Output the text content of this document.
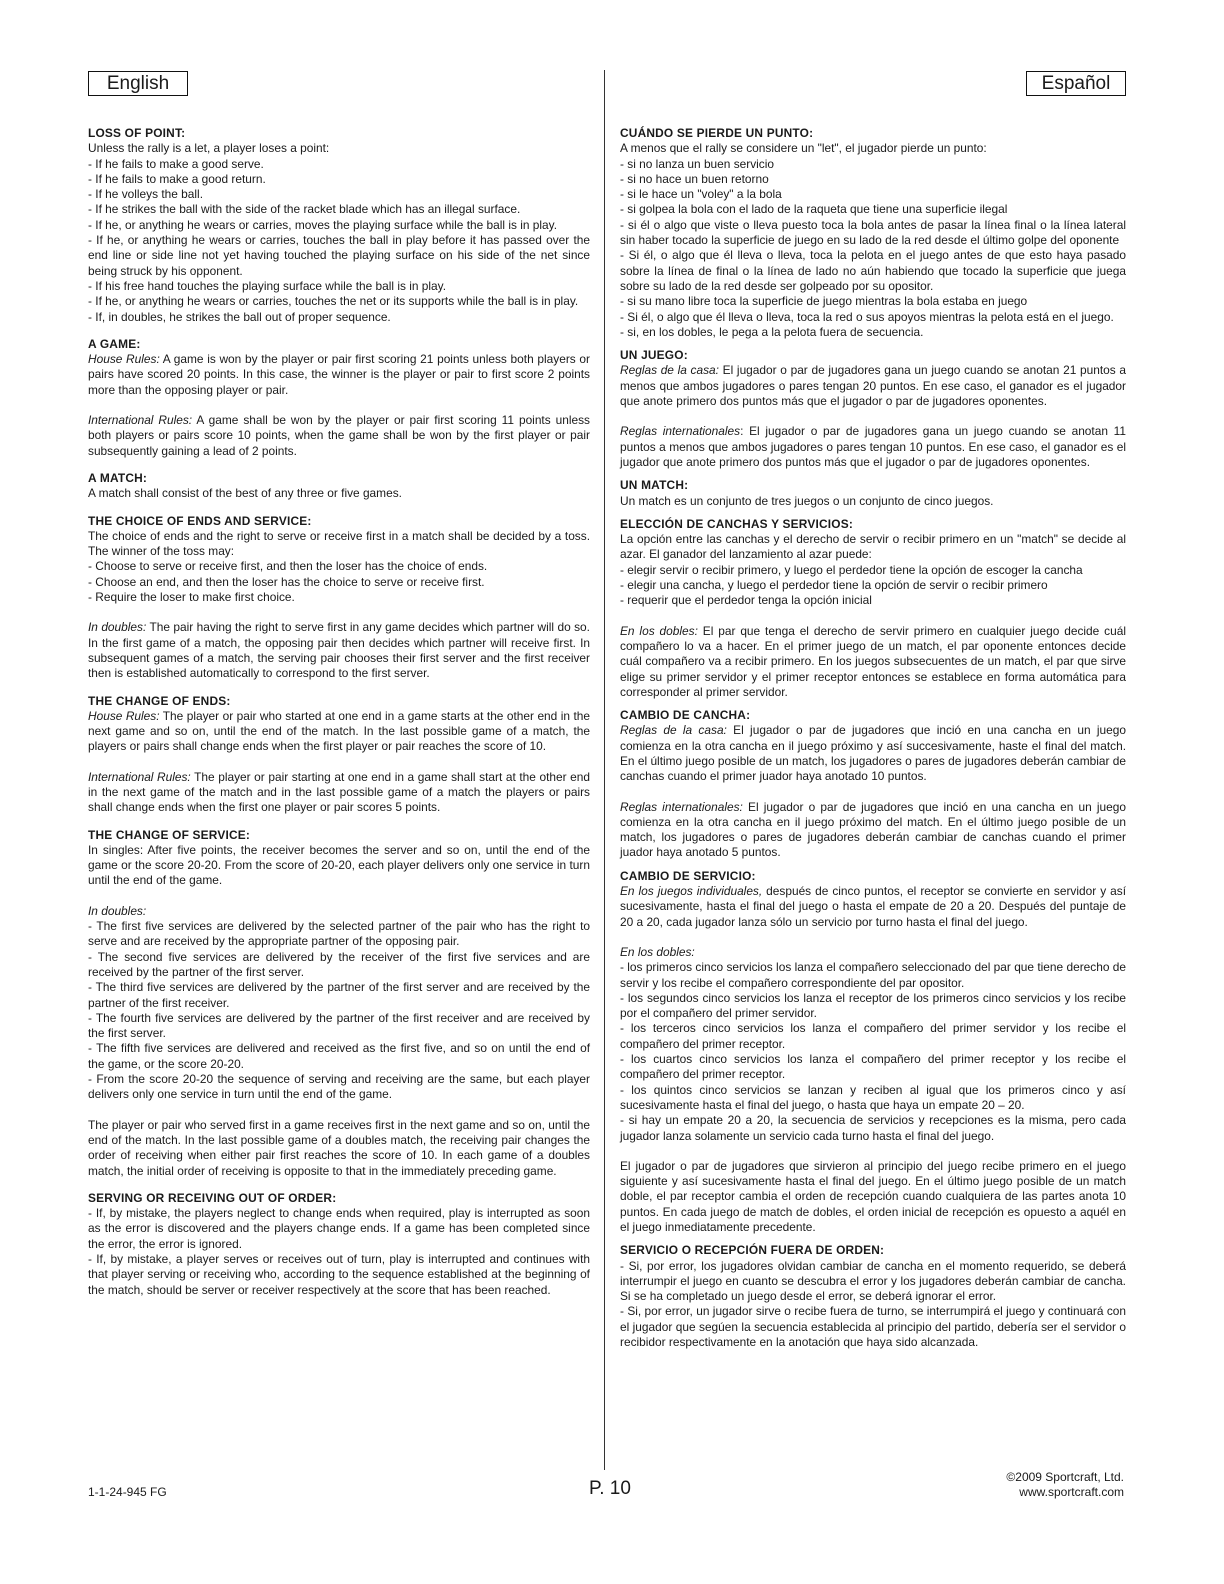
English	Español
LOSS OF POINT:

Unless the rally is a let, a player loses a point:

- If he fails to make a good serve.

- If he fails to make a good return.

- If he volleys the ball.

- If he strikes the ball with the side of the racket blade which has an illegal surface.

- If he, or anything he wears or carries, moves the playing surface while the ball is in play.

- If he, or anything he wears or carries, touches the ball in play before it has passed over the end line or side line not yet having touched the playing surface on his side of the net since being struck by his opponent.

- If his free hand touches the playing surface while the ball is in play.

- If he, or anything he wears or carries, touches the net or its supports while the ball is in play.

- If, in doubles, he strikes the ball out of proper sequence.

A GAME:

House Rules: A game is won by the player or pair first scoring 21 points unless both players or pairs have scored 20 points. In this case, the winner is the player or pair to first score 2 points more than the opposing player or pair.

International Rules: A game shall be won by the player or pair first scoring 11 points unless both players or pairs score 10 points, when the game shall be won by the first player or pair subsequently gaining a lead of 2 points.

A MATCH:

A match shall consist of the best of any three or five games.

THE CHOICE OF ENDS AND SERVICE:

The choice of ends and the right to serve or receive first in a match shall be decided by a toss. The winner of the toss may:

- Choose to serve or receive first, and then the loser has the choice of ends.

- Choose an end, and then the loser has the choice to serve or receive first.

- Require the loser to make first choice.

In doubles: The pair having the right to serve first in any game decides which partner will do so. In the first game of a match, the opposing pair then decides which partner will receive first. In subsequent games of a match, the serving pair chooses their first server and the first receiver then is established automatically to correspond to the first server.

THE CHANGE OF ENDS:

House Rules: The player or pair who started at one end in a game starts at the other end in the next game and so on, until the end of the match. In the last possible game of a match, the players or pairs shall change ends when the first player or pair reaches the score of 10.

International Rules: The player or pair starting at one end in a game shall start at the other end in the next game of the match and in the last possible game of a match the players or pairs shall change ends when the first one player or pair scores 5 points.

THE CHANGE OF SERVICE:

In singles: After five points, the receiver becomes the server and so on, until the end of the game or the score 20-20. From the score of 20-20, each player delivers only one service in turn until the end of the game.

In doubles:

- The first five services are delivered by the selected partner of the pair who has the right to serve and are received by the appropriate partner of the opposing pair.

- The second five services are delivered by the receiver of the first five services and are received by the partner of the first server.

- The third five services are delivered by the partner of the first server and are received by the partner of the first receiver.

- The fourth five services are delivered by the partner of the first receiver and are received by the first server.

- The fifth five services are delivered and received as the first five, and so on until the end of the game, or the score 20-20.

- From the score 20-20 the sequence of serving and receiving are the same, but each player delivers only one service in turn until the end of the game.

The player or pair who served first in a game receives first in the next game and so on, until the end of the match. In the last possible game of a doubles match, the receiving pair changes the order of receiving when either pair first reaches the score of 10. In each game of a doubles match, the initial order of receiving is opposite to that in the immediately preceding game.

SERVING OR RECEIVING OUT OF ORDER:

- If, by mistake, the players neglect to change ends when required, play is interrupted as soon as the error is discovered and the players change ends. If a game has been completed since the error, the error is ignored.

- If, by mistake, a player serves or receives out of turn, play is interrupted and continues with that player serving or receiving who, according to the sequence established at the beginning of the match, should be server or receiver respectively at the score that has been reached.

CUÁNDO SE PIERDE UN PUNTO:

A menos que el rally se considere un "let", el jugador pierde un punto:

- si no lanza un buen servicio

- si no hace un buen retorno

- si le hace un "voley" a la bola

- si golpea la bola con el lado de la raqueta que tiene una superficie ilegal

- si él o algo que viste o lleva puesto toca la bola antes de pasar la línea final o la línea lateral sin haber tocado la superficie de juego en su lado de la red desde el último golpe del oponente

- Si él, o algo que él lleva o lleva, toca la pelota en el juego antes de que esto haya pasado sobre la línea de final o la línea de lado no aún habiendo que tocado la superficie que juega sobre su lado de la red desde ser golpeado por su opositor.

- si su mano libre toca la superficie de juego mientras la bola estaba en juego

- Si él, o algo que él lleva o lleva, toca la red o sus apoyos mientras la pelota está en el juego.

- si, en los dobles, le pega a la pelota fuera de secuencia.

UN JUEGO:

Reglas de la casa: El jugador o par de jugadores gana un juego cuando se anotan 21 puntos a menos que ambos jugadores o pares tengan 20 puntos. En ese caso, el ganador es el jugador que anote primero dos puntos más que el jugador o par de jugadores oponentes.

Reglas internationales: El jugador o par de jugadores gana un juego cuando se anotan 11 puntos a menos que ambos jugadores o pares tengan 10 puntos. En ese caso, el ganador es el jugador que anote primero dos puntos más que el jugador o par de jugadores oponentes.

UN MATCH:

Un match es un conjunto de tres juegos o un conjunto de cinco juegos.

ELECCIÓN DE CANCHAS Y SERVICIOS:

La opción entre las canchas y el derecho de servir o recibir primero en un "match" se decide al azar. El ganador del lanzamiento al azar puede:

- elegir servir o recibir primero, y luego el perdedor tiene la opción de escoger la cancha

- elegir una cancha, y luego el perdedor tiene la opción de servir o recibir primero

- requerir que el perdedor tenga la opción inicial

En los dobles: El par que tenga el derecho de servir primero en cualquier juego decide cuál compañero lo va a hacer. En el primer juego de un match, el par oponente entonces decide cuál compañero va a recibir primero. En los juegos subsecuentes de un match, el par que sirve elige su primer servidor y el primer receptor entonces se establece en forma automática para corresponder al primer servidor.

CAMBIO DE CANCHA:

Reglas de la casa: El jugador o par de jugadores que inció en una cancha en un juego comienza en la otra cancha en il juego próximo y así succesivamente, haste el final del match. En el último juego posible de un match, los jugadores o pares de jugadores deberán cambiar de canchas cuando el primer juador haya anotado 10 puntos.

Reglas internationales: El jugador o par de jugadores que inció en una cancha en un juego comienza en la otra cancha en il juego próximo del match. En el último juego posible de un match, los jugadores o pares de jugadores deberán cambiar de canchas cuando el primer juador haya anotado 5 puntos.

CAMBIO DE SERVICIO:

En los juegos individuales, después de cinco puntos, el receptor se convierte en servidor y así sucesivamente, hasta el final del juego o hasta el empate de 20 a 20. Después del puntaje de 20 a 20, cada jugador lanza sólo un servicio por turno hasta el final del juego.

En los dobles:

- los primeros cinco servicios los lanza el compañero seleccionado del par que tiene derecho de servir y los recibe el compañero correspondiente del par opositor.

- los segundos cinco servicios los lanza el receptor de los primeros cinco servicios y los recibe por el compañero del primer servidor.

- los terceros cinco servicios los lanza el compañero del primer servidor y los recibe el compañero del primer receptor.

- los cuartos cinco servicios los lanza el compañero del primer receptor y los recibe el compañero del primer receptor.

- los quintos cinco servicios se lanzan y reciben al igual que los primeros cinco y así sucesivamente hasta el final del juego, o hasta que haya un empate 20 – 20.

- si hay un empate 20 a 20, la secuencia de servicios y recepciones es la misma, pero cada jugador lanza solamente un servicio cada turno hasta el final del juego.

El jugador o par de jugadores que sirvieron al principio del juego recibe primero en el juego siguiente y así sucesivamente hasta el final del juego. En el último juego posible de un match doble, el par receptor cambia el orden de recepción cuando cualquiera de las partes anota 10 puntos. En cada juego de match de dobles, el orden inicial de recepción es opuesto a aquél en el juego inmediatamente precedente.

SERVICIO O RECEPCIÓN FUERA DE ORDEN:

- Si, por error, los jugadores olvidan cambiar de cancha en el momento requerido, se deberá interrumpir el juego en cuanto se descubra el error y los jugadores deberán cambiar de cancha. Si se ha completado un juego desde el error, se deberá ignorar el error.

- Si, por error, un jugador sirve o recibe fuera de turno, se interrumpirá el juego y continuará con el jugador que segúen la secuencia establecida al principio del partido, debería ser el servidor o recibidor respectivamente en la anotación que haya sido alcanzada.

1-1-24-945 FG	P. 10
©2009 Sportcraft, Ltd.
www.sportcraft.com
